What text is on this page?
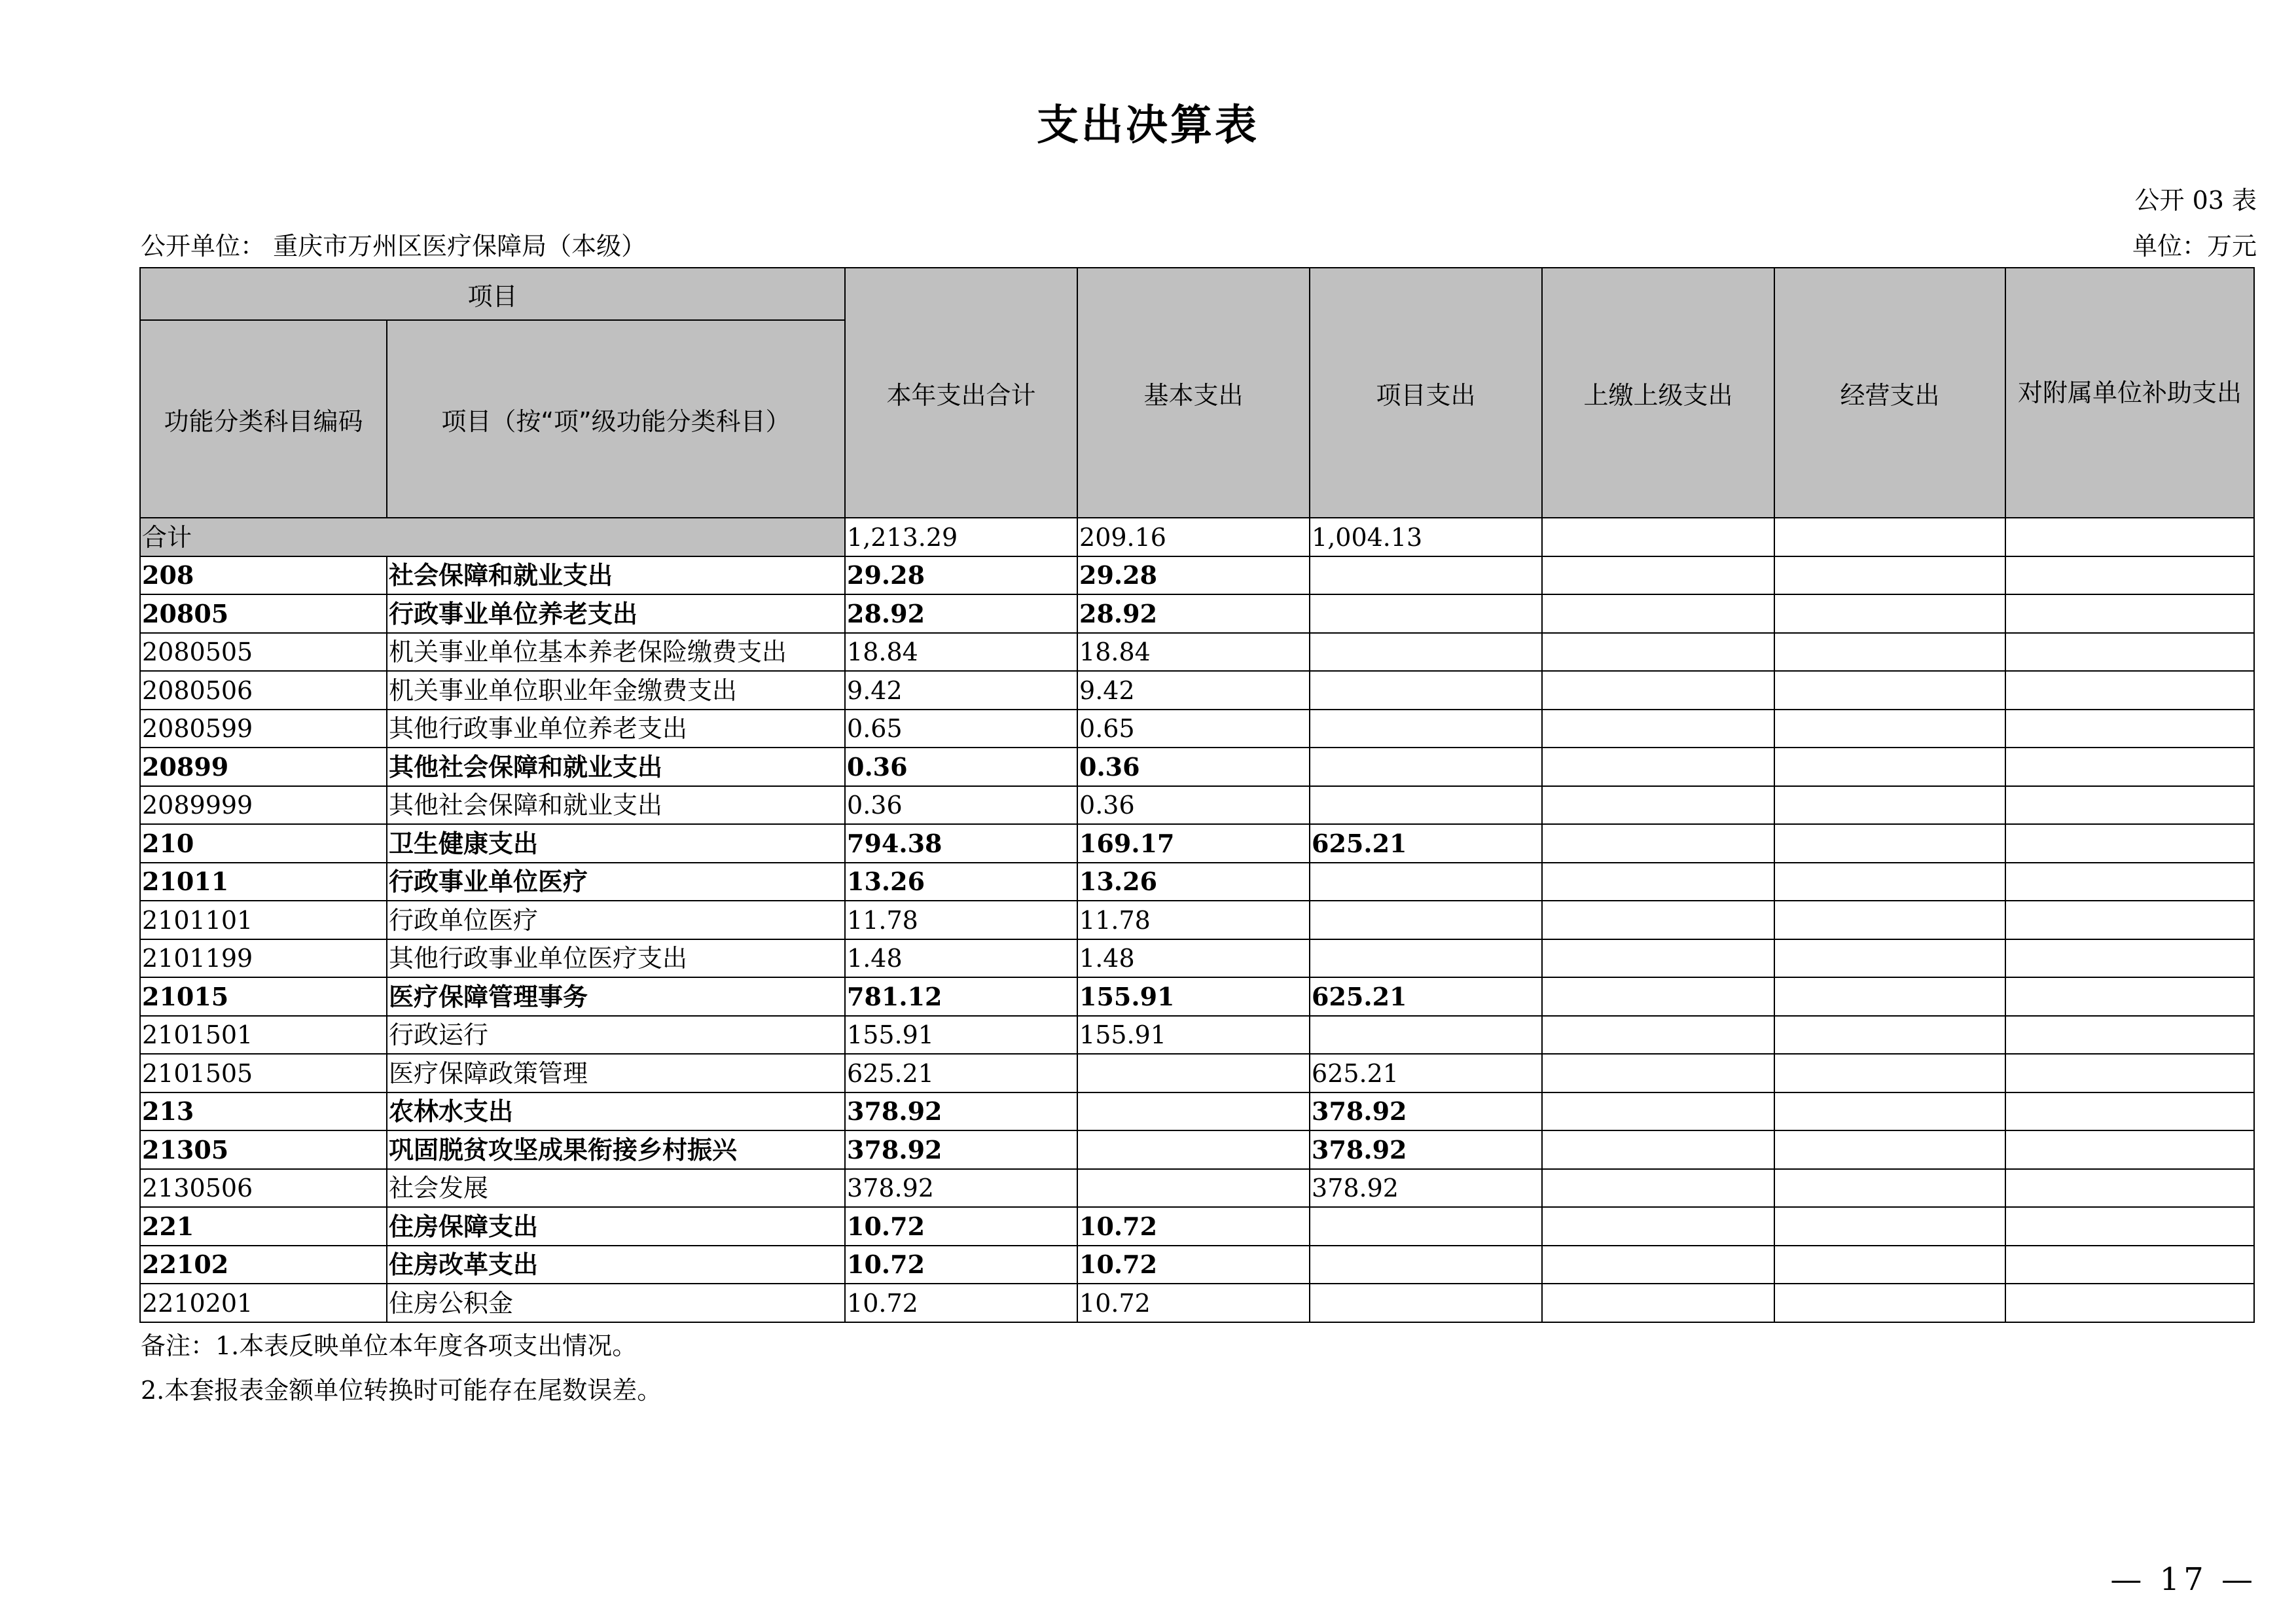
支出决算表
公开 03 表
公开单位： 重庆市万州区医疗保障局（本级）	单位：万元
项目		本年支出合计	基本支出	项目支出	上缴上级支出	经营支出	对附属单位补助支出
功能分类科目编码	项目（按“项”级功能分类科目）						
合计		1,213.29	209.16	1,004.13			
208	社会保障和就业支出	29.28	29.28				
20805	行政事业单位养老支出	28.92	28.92				
2080505	机关事业单位基本养老保险缴费支出	18.84	18.84				
2080506	机关事业单位职业年金缴费支出	9.42	9.42				
2080599	其他行政事业单位养老支出	0.65	0.65				
20899	其他社会保障和就业支出	0.36	0.36				
2089999	其他社会保障和就业支出	0.36	0.36				
210	卫生健康支出	794.38	169.17	625.21			
21011	行政事业单位医疗	13.26	13.26				
2101101	行政单位医疗	11.78	11.78				
2101199	其他行政事业单位医疗支出	1.48	1.48				
21015	医疗保障管理事务	781.12	155.91	625.21			
2101501	行政运行	155.91	155.91				
2101505	医疗保障政策管理	625.21		625.21			
213	农林水支出	378.92		378.92			
21305	巩固脱贫攻坚成果衔接乡村振兴	378.92		378.92			
2130506	社会发展	378.92		378.92			
221	住房保障支出	10.72	10.72				
22102	住房改革支出	10.72	10.72				
2210201	住房公积金	10.72	10.72				
备注：1.本表反映单位本年度各项支出情况。
2.本套报表金额单位转换时可能存在尾数误差。
— 17 —
